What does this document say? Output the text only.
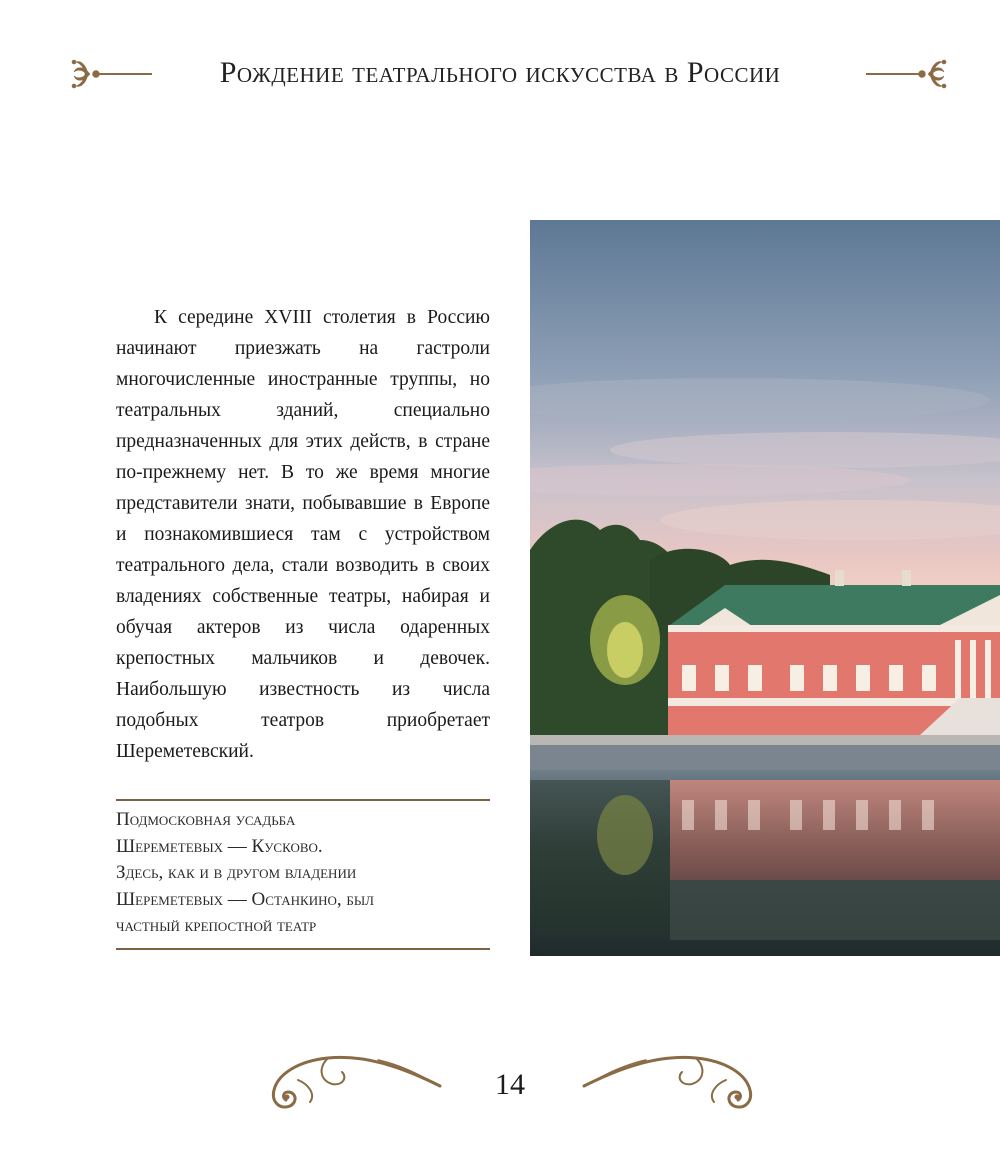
Рождение театрального искусства в России

К середине XVIII столетия в Россию начинают приезжать на гастроли многочисленные иностранные труппы, но театральных зданий, специально предназначенных для этих действ, в стране по-прежнему нет. В то же время многие представители знати, побывавшие в Европе и познакомившиеся там с устройством театрального дела, стали возводить в своих владениях собственные театры, набирая и обучая актеров из числа одаренных крепостных мальчиков и девочек. Наибольшую известность из числа подобных театров приобретает Шереметевский.

Подмосковная усадьба
Шереметевых — Кусково.
Здесь, как и в другом владении
Шереметевых — Останкино, был
частный крепостной театр
14
